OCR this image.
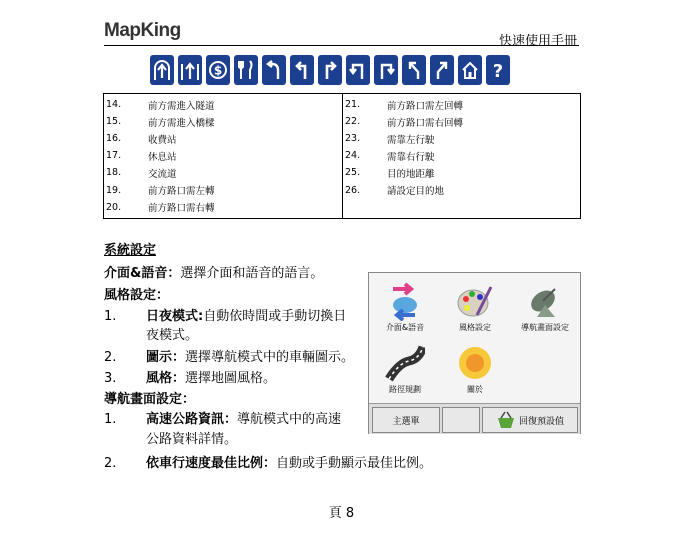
MapKing
快速使用手冊
$	?
14.	前方需進入隧道
15.	前方需進入橋樑
16.	收費站
17.	休息站
18.	交流道
19.	前方路口需左轉
20.	前方路口需右轉

21.	前方路口需左回轉
22.	前方路口需右回轉
23.	需靠左行駛
24.	需靠右行駛
25.	目的地距離
26.	請設定目的地
系統設定
介面&語音：選擇介面和語音的語言。
風格設定：
1. 日夜模式:自動依時間或手動切換日
夜模式。
2. 圖示：選擇導航模式中的車輛圖示。
3. 風格：選擇地圖風格。
導航畫面設定：
1. 高速公路資訊：導航模式中的高速
公路資料詳情。
2. 依車行速度最佳比例：自動或手動顯示最佳比例。
介面&語音	風格設定	導航畫面設定
路徑規劃	關於
主選單	回復預設值
頁 8
